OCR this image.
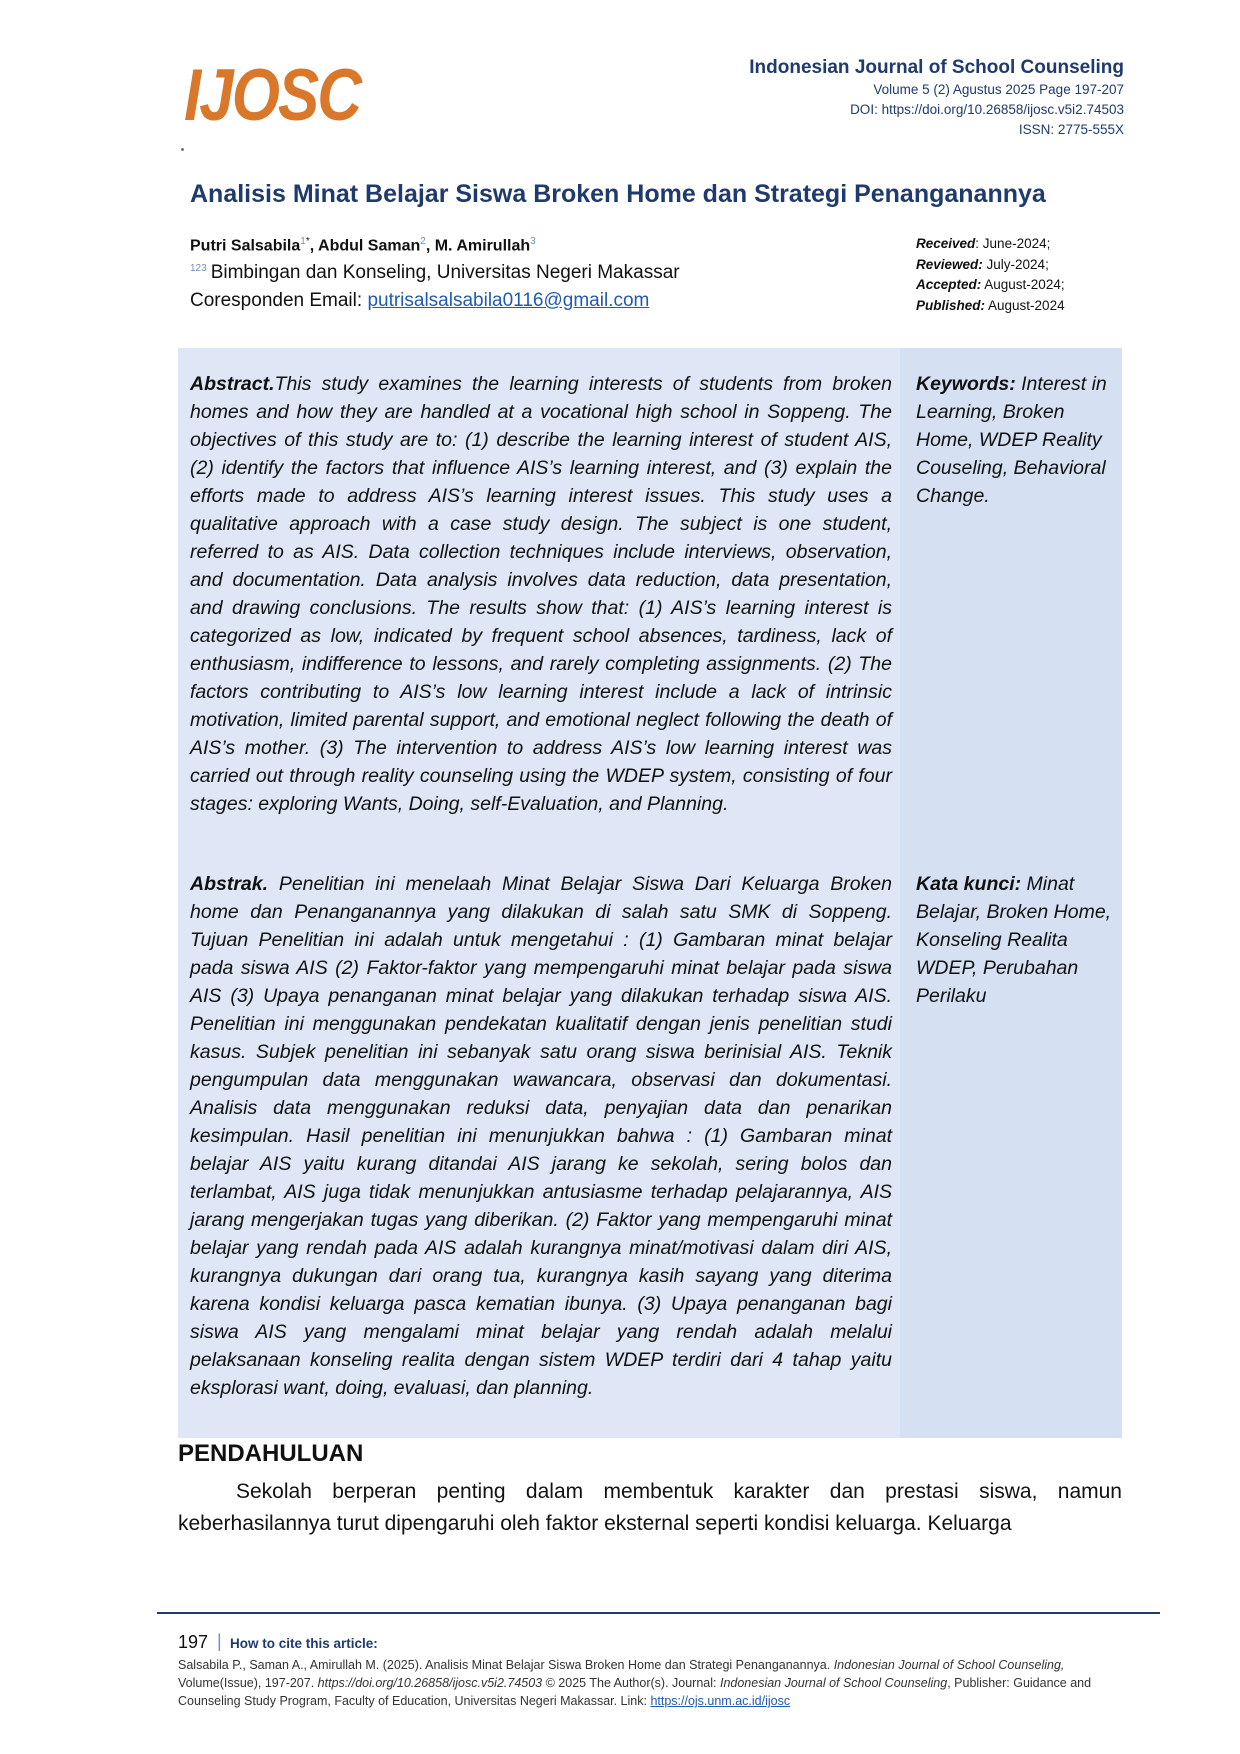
IJOSC	Indonesian Journal of School Counseling
Volume 5 (2) Agustus 2025 Page 197-207
DOI: https://doi.org/10.26858/ijosc.v5i2.74503
ISSN: 2775-555X
Analisis Minat Belajar Siswa Broken Home dan Strategi Penanganannya
Putri Salsabila$^{1*}$, Abdul Saman$^2$, M. Amirullah$^3$
$^{123}$ Bimbingan dan Konseling, Universitas Negeri Makassar
Coresponden Email: putrisalsalsabila0116@gmail.com
Received: June-2024;
Reviewed: July-2024;
Accepted: August-2024;
Published: August-2024
Abstract.This study examines the learning interests of students from broken homes and how they are handled at a vocational high school in Soppeng. The objectives of this study are to: (1) describe the learning interest of student AIS, (2) identify the factors that influence AIS’s learning interest, and (3) explain the efforts made to address AIS’s learning interest issues. This study uses a qualitative approach with a case study design. The subject is one student, referred to as AIS. Data collection techniques include interviews, observation, and documentation. Data analysis involves data reduction, data presentation, and drawing conclusions. The results show that: (1) AIS’s learning interest is categorized as low, indicated by frequent school absences, tardiness, lack of enthusiasm, indifference to lessons, and rarely completing assignments. (2) The factors contributing to AIS’s low learning interest include a lack of intrinsic motivation, limited parental support, and emotional neglect following the death of AIS’s mother. (3) The intervention to address AIS’s low learning interest was carried out through reality counseling using the WDEP system, consisting of four stages: exploring Wants, Doing, self-Evaluation, and Planning.
Keywords: Interest in Learning, Broken Home, WDEP Reality Couseling, Behavioral Change.
Abstrak. Penelitian ini menelaah Minat Belajar Siswa Dari Keluarga Broken home dan Penanganannya yang dilakukan di salah satu SMK di Soppeng. Tujuan Penelitian ini adalah untuk mengetahui : (1) Gambaran minat belajar pada siswa AIS (2) Faktor-faktor yang mempengaruhi minat belajar pada siswa AIS (3) Upaya penanganan minat belajar yang dilakukan terhadap siswa AIS. Penelitian ini menggunakan pendekatan kualitatif dengan jenis penelitian studi kasus. Subjek penelitian ini sebanyak satu orang siswa berinisial AIS. Teknik pengumpulan data menggunakan wawancara, observasi dan dokumentasi. Analisis data menggunakan reduksi data, penyajian data dan penarikan kesimpulan. Hasil penelitian ini menunjukkan bahwa : (1) Gambaran minat belajar AIS yaitu kurang ditandai AIS jarang ke sekolah, sering bolos dan terlambat, AIS juga tidak menunjukkan antusiasme terhadap pelajarannya, AIS jarang mengerjakan tugas yang diberikan. (2) Faktor yang mempengaruhi minat belajar yang rendah pada AIS adalah kurangnya minat/motivasi dalam diri AIS, kurangnya dukungan dari orang tua, kurangnya kasih sayang yang diterima karena kondisi keluarga pasca kematian ibunya. (3) Upaya penanganan bagi siswa AIS yang mengalami minat belajar yang rendah adalah melalui pelaksanaan konseling realita dengan sistem WDEP terdiri dari 4 tahap yaitu eksplorasi want, doing, evaluasi, dan planning.
Kata kunci: Minat Belajar, Broken Home, Konseling Realita WDEP, Perubahan Perilaku
PENDAHULUAN

Sekolah berperan penting dalam membentuk karakter dan prestasi siswa, namun keberhasilannya turut dipengaruhi oleh faktor eksternal seperti kondisi keluarga. Keluarga

197 | How to cite this article:
Salsabila P., Saman A., Amirullah M. (2025). Analisis Minat Belajar Siswa Broken Home dan Strategi Penanganannya. Indonesian Journal of School Counseling, Volume(Issue), 197-207. https://doi.org/10.26858/ijosc.v5i2.74503 © 2025 The Author(s). Journal: Indonesian Journal of School Counseling, Publisher: Guidance and Counseling Study Program, Faculty of Education, Universitas Negeri Makassar. Link: https://ojs.unm.ac.id/ijosc
